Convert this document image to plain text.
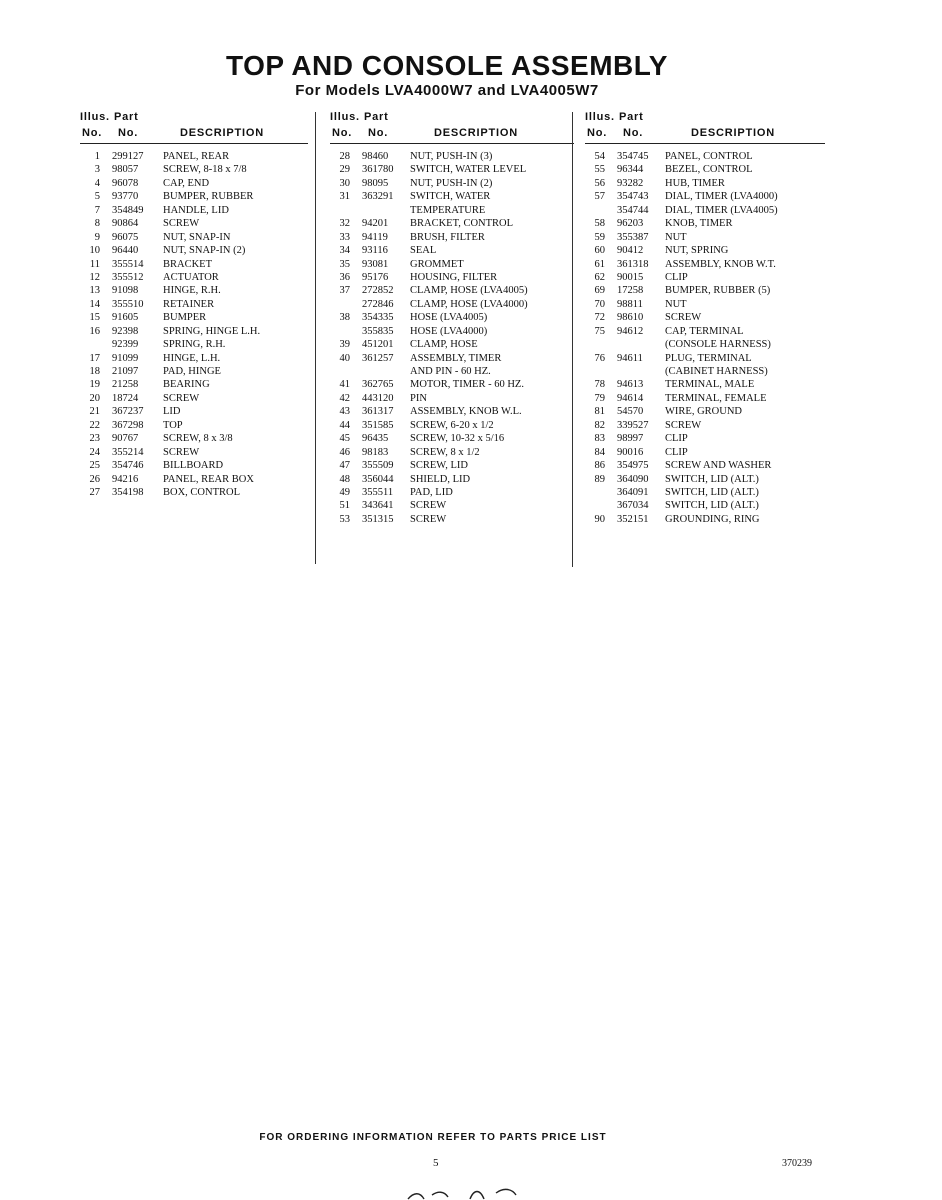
TOP AND CONSOLE ASSEMBLY
For Models LVA4000W7 and LVA4005W7
Illus. Part
No. No.	DESCRIPTION
1 299127 PANEL, REAR
3 98057 SCREW, 8-18 x 7/8
4 96078 CAP, END
5 93770 BUMPER, RUBBER
7 354849 HANDLE, LID
8 90864 SCREW
9 96075 NUT, SNAP-IN
10 96440 NUT, SNAP-IN (2)
11 355514 BRACKET
12 355512 ACTUATOR
13 91098 HINGE, R.H.
14 355510 RETAINER
15 91605 BUMPER
16 92398 SPRING, HINGE L.H.
92399 SPRING, R.H.
17 91099 HINGE, L.H.
18 21097 PAD, HINGE
19 21258 BEARING
20 18724 SCREW
21 367237 LID
22 367298 TOP
23 90767 SCREW, 8 x 3/8
24 355214 SCREW
25 354746 BILLBOARD
26 94216 PANEL, REAR BOX
27 354198 BOX, CONTROL
Illus. Part
No. No.	DESCRIPTION
28 98460 NUT, PUSH-IN (3)
29 361780 SWITCH, WATER LEVEL
30 98095 NUT, PUSH-IN (2)
31 363291 SWITCH, WATER
TEMPERATURE
32 94201 BRACKET, CONTROL
33 94119 BRUSH, FILTER
34 93116 SEAL
35 93081 GROMMET
36 95176 HOUSING, FILTER
37 272852 CLAMP, HOSE (LVA4005)
272846 CLAMP, HOSE (LVA4000)
38 354335 HOSE (LVA4005)
355835 HOSE (LVA4000)
39 451201 CLAMP, HOSE
40 361257 ASSEMBLY, TIMER
AND PIN - 60 HZ.
41 362765 MOTOR, TIMER - 60 HZ.
42 443120 PIN
43 361317 ASSEMBLY, KNOB W.L.
44 351585 SCREW, 6-20 x 1/2
45 96435 SCREW, 10-32 x 5/16
46 98183 SCREW, 8 x 1/2
47 355509 SCREW, LID
48 356044 SHIELD, LID
49 355511 PAD, LID
51 343641 SCREW
53 351315 SCREW
Illus. Part
No. No.	DESCRIPTION
54 354745 PANEL, CONTROL
55 96344 BEZEL, CONTROL
56 93282 HUB, TIMER
57 354743 DIAL, TIMER (LVA4000)
354744 DIAL, TIMER (LVA4005)
58 96203 KNOB, TIMER
59 355387 NUT
60 90412 NUT, SPRING
61 361318 ASSEMBLY, KNOB W.T.
62 90015 CLIP
69 17258 BUMPER, RUBBER (5)
70 98811 NUT
72 98610 SCREW
75 94612 CAP, TERMINAL
(CONSOLE HARNESS)
76 94611 PLUG, TERMINAL
(CABINET HARNESS)
78 94613 TERMINAL, MALE
79 94614 TERMINAL, FEMALE
81 54570 WIRE, GROUND
82 339527 SCREW
83 98997 CLIP
84 90016 CLIP
86 354975 SCREW AND WASHER
89 364090 SWITCH, LID (ALT.)
364091 SWITCH, LID (ALT.)
367034 SWITCH, LID (ALT.)
90 352151 GROUNDING, RING
FOR ORDERING INFORMATION REFER TO PARTS PRICE LIST
5	370239
